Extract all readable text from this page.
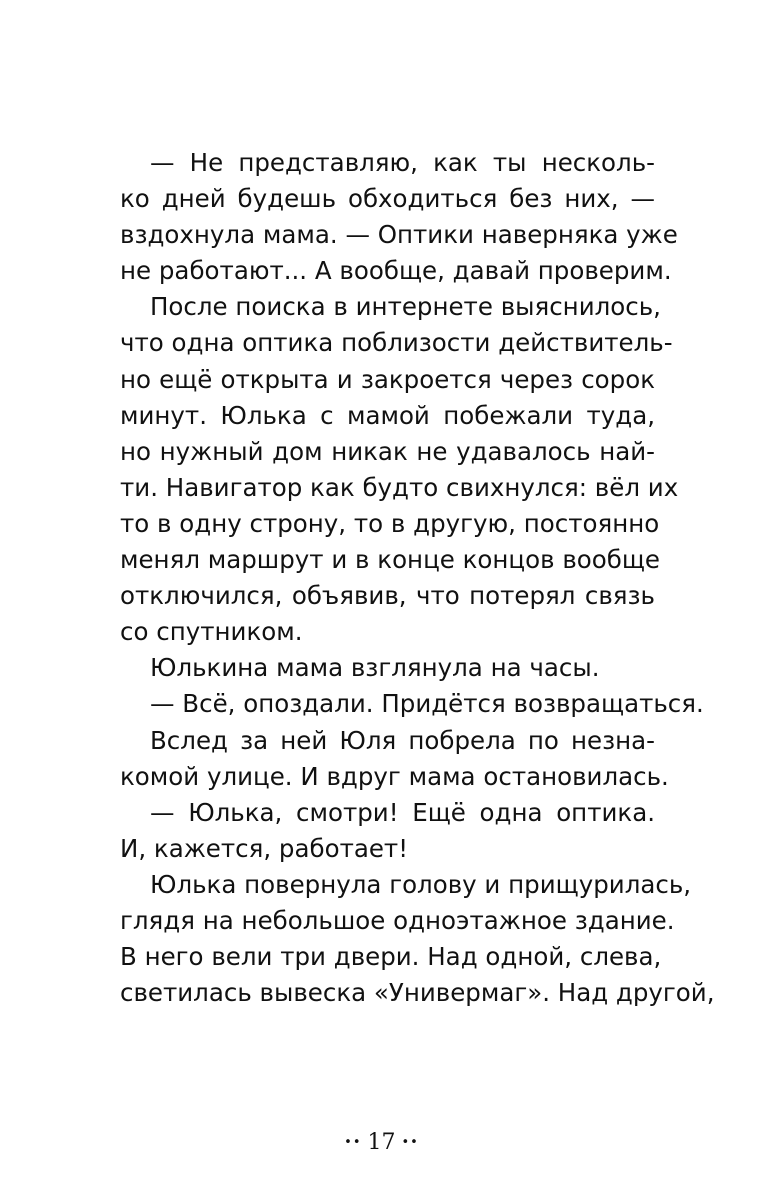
— Не представляю, как ты несколь-
ко дней будешь обходиться без них, —
вздохнула мама. — Оптики наверняка уже
не работают... А вообще, давай проверим.
После поиска в интернете выяснилось,
что одна оптика поблизости действитель-
но ещё открыта и закроется через сорок
минут. Юлька с мамой побежали туда,
но нужный дом никак не удавалось най-
ти. Навигатор как будто свихнулся: вёл их
то в одну строну, то в другую, постоянно
менял маршрут и в конце концов вообще
отключился, объявив, что потерял связь
со спутником.
Юлькина мама взглянула на часы.
— Всё, опоздали. Придётся возвращаться.
Вслед за ней Юля побрела по незна-
комой улице. И вдруг мама остановилась.
— Юлька, смотри! Ещё одна оптика.
И, кажется, работает!
Юлька повернула голову и прищурилась,
глядя на небольшое одноэтажное здание.
В него вели три двери. Над одной, слева,
светилась вывеска «Универмаг». Над другой,
•• 17 ••
